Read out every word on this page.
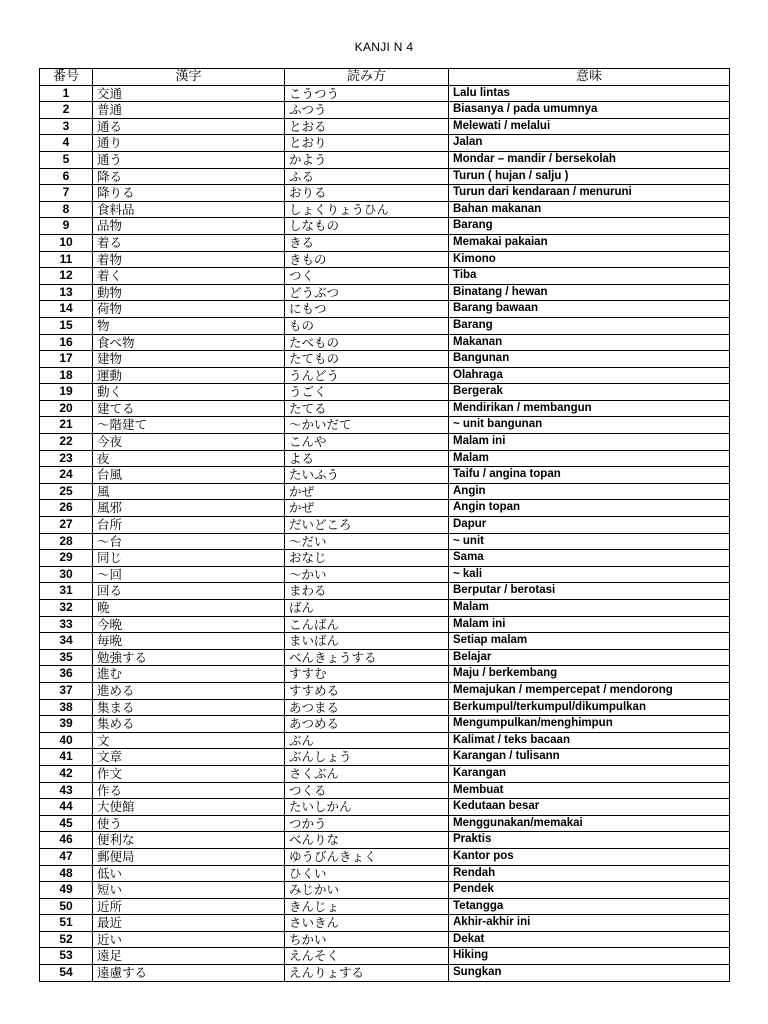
KANJI N 4
番号	漢字	読み方	意味
1	交通	こうつう	Lalu lintas
2	普通	ふつう	Biasanya / pada umumnya
3	通る	とおる	Melewati / melalui
4	通り	とおり	Jalan
5	通う	かよう	Mondar – mandir / bersekolah
6	降る	ふる	Turun ( hujan / salju )
7	降りる	おりる	Turun dari kendaraan / menuruni
8	食料品	しょくりょうひん	Bahan makanan
9	品物	しなもの	Barang
10	着る	きる	Memakai pakaian
11	着物	きもの	Kimono
12	着く	つく	Tiba
13	動物	どうぶつ	Binatang / hewan
14	荷物	にもつ	Barang bawaan
15	物	もの	Barang
16	食べ物	たべもの	Makanan
17	建物	たてもの	Bangunan
18	運動	うんどう	Olahraga
19	動く	うごく	Bergerak
20	建てる	たてる	Mendirikan / membangun
21	～階建て	～かいだて	~ unit bangunan
22	今夜	こんや	Malam ini
23	夜	よる	Malam
24	台風	たいふう	Taifu / angina topan
25	風	かぜ	Angin
26	風邪	かぜ	Angin topan
27	台所	だいどころ	Dapur
28	～台	～だい	~ unit
29	同じ	おなじ	Sama
30	～回	～かい	~ kali
31	回る	まわる	Berputar / berotasi
32	晩	ばん	Malam
33	今晩	こんばん	Malam ini
34	毎晩	まいばん	Setiap malam
35	勉強する	べんきょうする	Belajar
36	進む	すすむ	Maju / berkembang
37	進める	すすめる	Memajukan / mempercepat / mendorong
38	集まる	あつまる	Berkumpul/terkumpul/dikumpulkan
39	集める	あつめる	Mengumpulkan/menghimpun
40	文	ぶん	Kalimat / teks bacaan
41	文章	ぶんしょう	Karangan / tulisann
42	作文	さくぶん	Karangan
43	作る	つくる	Membuat
44	大使館	たいしかん	Kedutaan besar
45	使う	つかう	Menggunakan/memakai
46	便利な	べんりな	Praktis
47	郵便局	ゆうびんきょく	Kantor pos
48	低い	ひくい	Rendah
49	短い	みじかい	Pendek
50	近所	きんじょ	Tetangga
51	最近	さいきん	Akhir-akhir ini
52	近い	ちかい	Dekat
53	遠足	えんそく	Hiking
54	遠慮する	えんりょする	Sungkan
